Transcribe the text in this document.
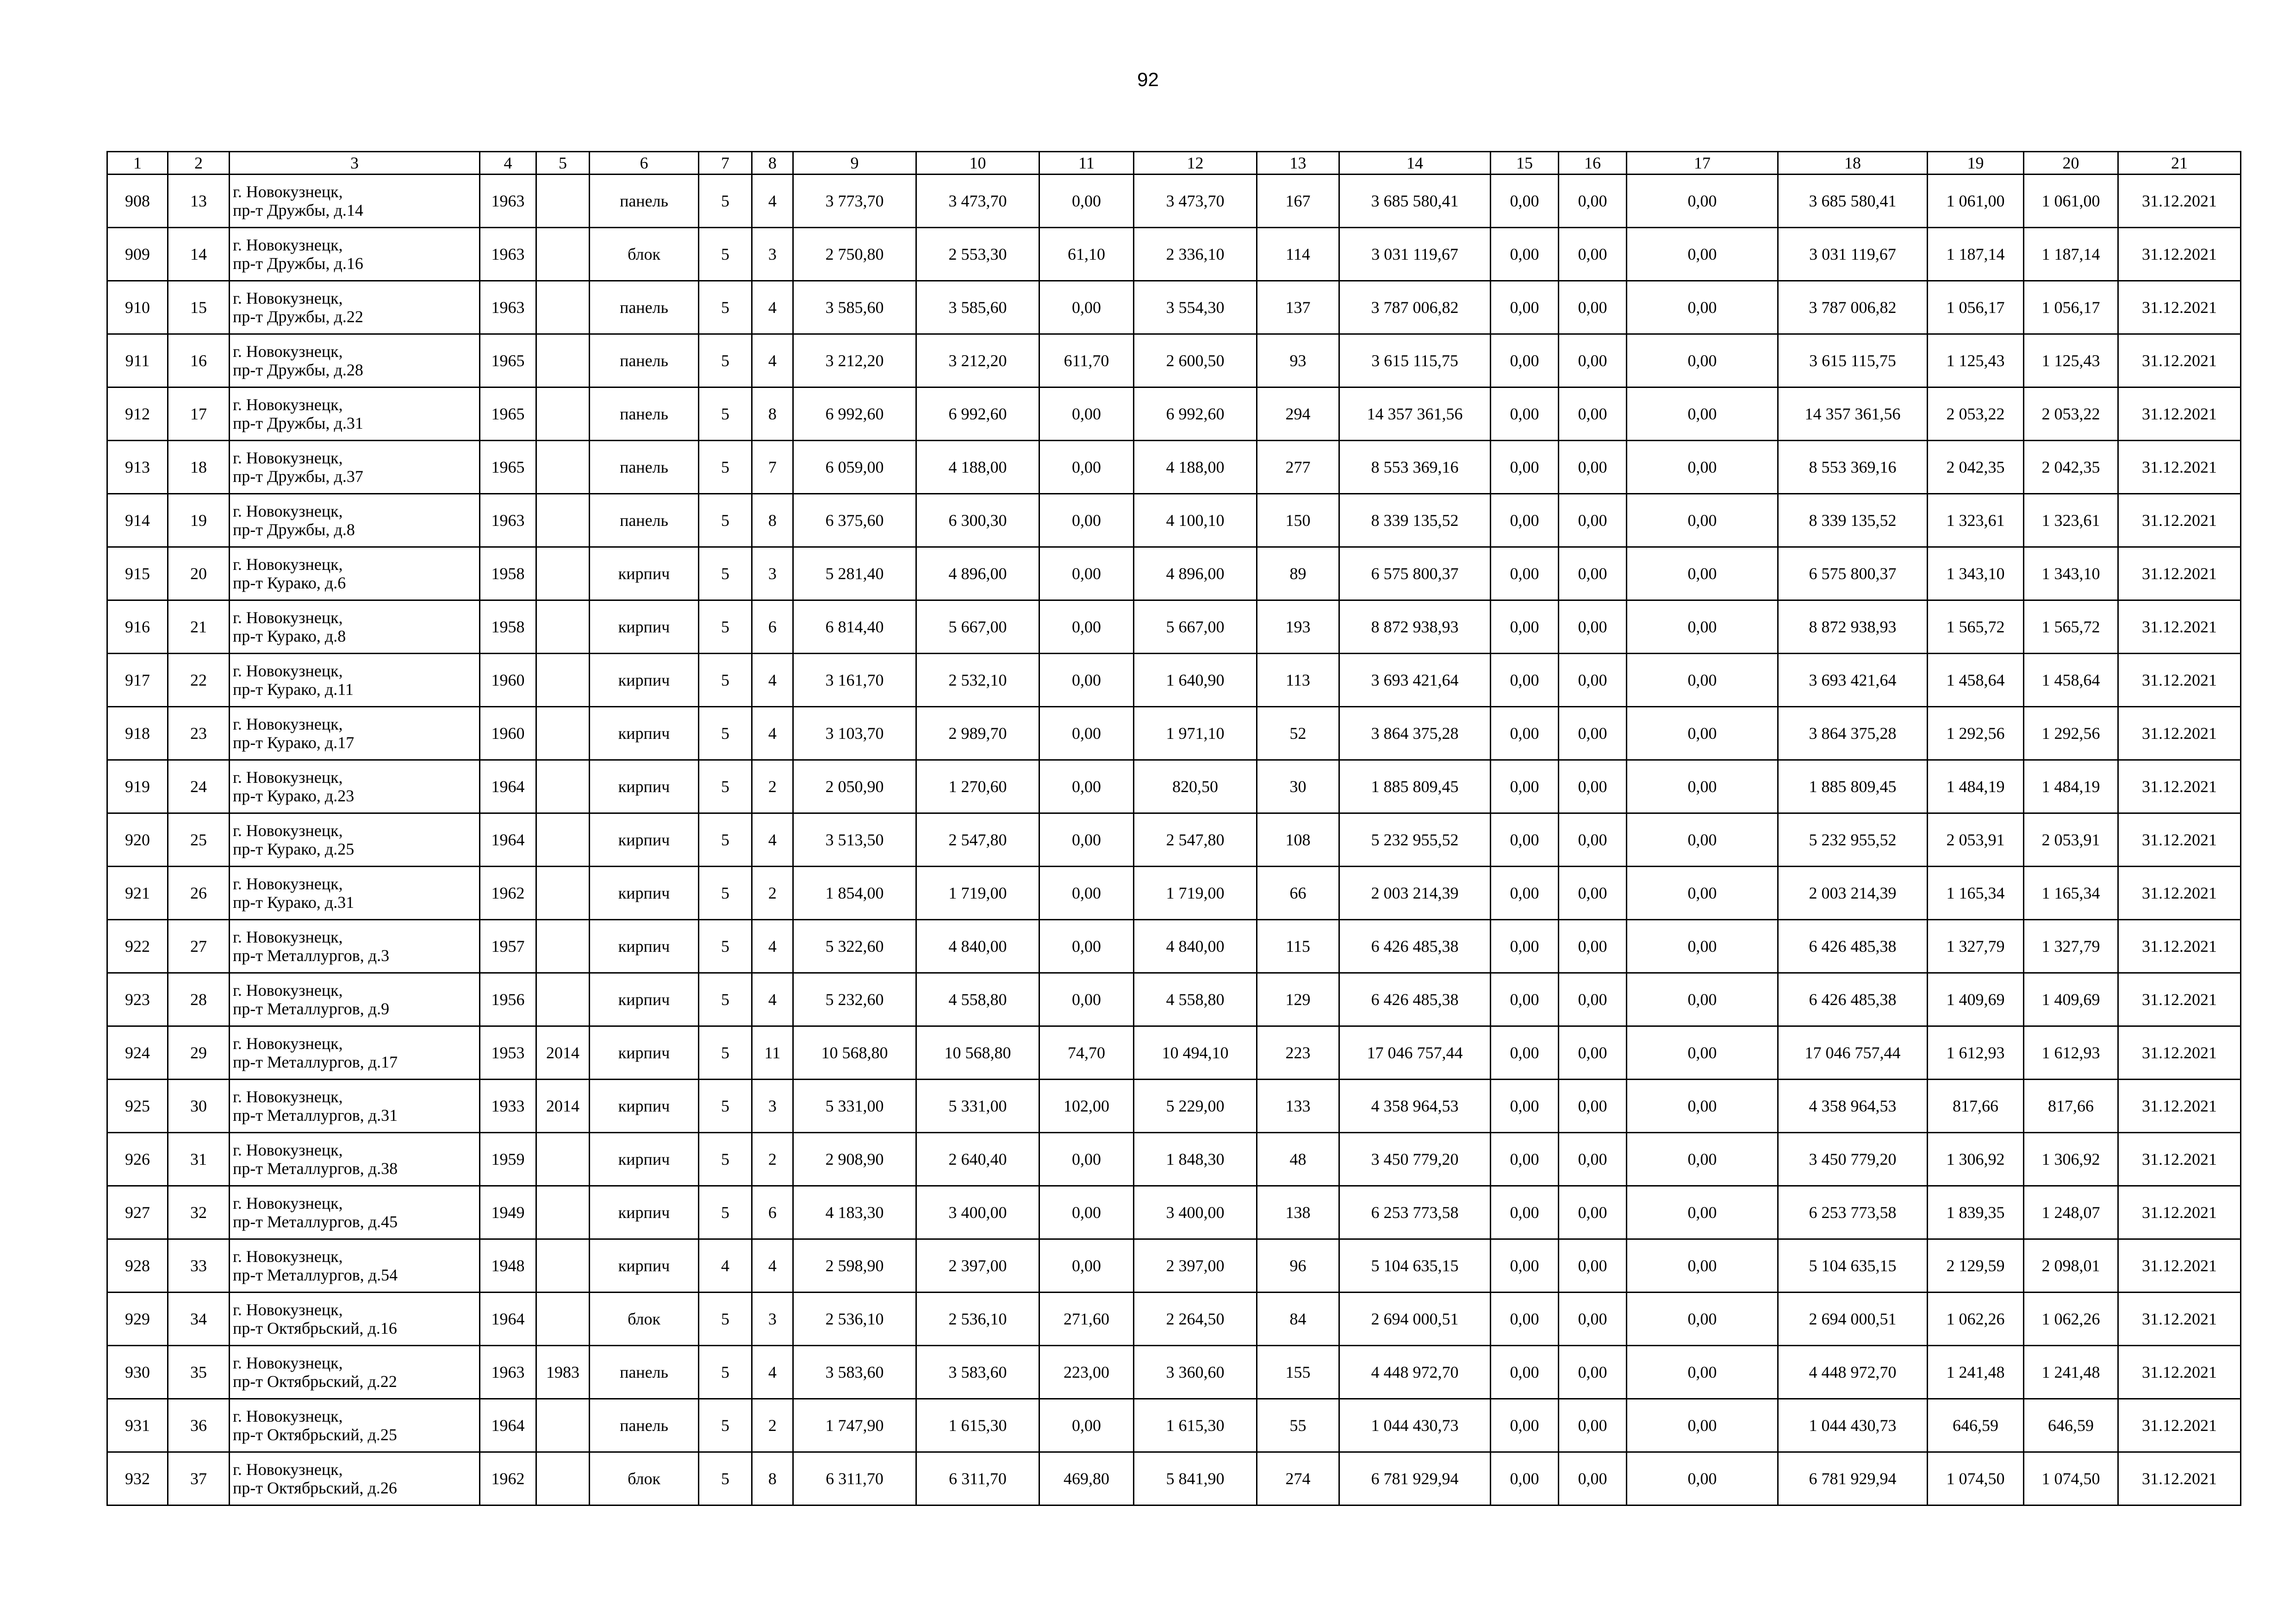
92
1	2	3	4	5	6	7	8	9	10	11	12	13	14	15	16	17	18	19	20	21
908	13	г. Новокузнецк,
пр-т Дружбы, д.14	1963		панель	5	4	3 773,70	3 473,70	0,00	3 473,70	167	3 685 580,41	0,00	0,00	0,00	3 685 580,41	1 061,00	1 061,00	31.12.2021
909	14	г. Новокузнецк,
пр-т Дружбы, д.16	1963		блок	5	3	2 750,80	2 553,30	61,10	2 336,10	114	3 031 119,67	0,00	0,00	0,00	3 031 119,67	1 187,14	1 187,14	31.12.2021
910	15	г. Новокузнецк,
пр-т Дружбы, д.22	1963		панель	5	4	3 585,60	3 585,60	0,00	3 554,30	137	3 787 006,82	0,00	0,00	0,00	3 787 006,82	1 056,17	1 056,17	31.12.2021
911	16	г. Новокузнецк,
пр-т Дружбы, д.28	1965		панель	5	4	3 212,20	3 212,20	611,70	2 600,50	93	3 615 115,75	0,00	0,00	0,00	3 615 115,75	1 125,43	1 125,43	31.12.2021
912	17	г. Новокузнецк,
пр-т Дружбы, д.31	1965		панель	5	8	6 992,60	6 992,60	0,00	6 992,60	294	14 357 361,56	0,00	0,00	0,00	14 357 361,56	2 053,22	2 053,22	31.12.2021
913	18	г. Новокузнецк,
пр-т Дружбы, д.37	1965		панель	5	7	6 059,00	4 188,00	0,00	4 188,00	277	8 553 369,16	0,00	0,00	0,00	8 553 369,16	2 042,35	2 042,35	31.12.2021
914	19	г. Новокузнецк,
пр-т Дружбы, д.8	1963		панель	5	8	6 375,60	6 300,30	0,00	4 100,10	150	8 339 135,52	0,00	0,00	0,00	8 339 135,52	1 323,61	1 323,61	31.12.2021
915	20	г. Новокузнецк,
пр-т Курако, д.6	1958		кирпич	5	3	5 281,40	4 896,00	0,00	4 896,00	89	6 575 800,37	0,00	0,00	0,00	6 575 800,37	1 343,10	1 343,10	31.12.2021
916	21	г. Новокузнецк,
пр-т Курако, д.8	1958		кирпич	5	6	6 814,40	5 667,00	0,00	5 667,00	193	8 872 938,93	0,00	0,00	0,00	8 872 938,93	1 565,72	1 565,72	31.12.2021
917	22	г. Новокузнецк,
пр-т Курако, д.11	1960		кирпич	5	4	3 161,70	2 532,10	0,00	1 640,90	113	3 693 421,64	0,00	0,00	0,00	3 693 421,64	1 458,64	1 458,64	31.12.2021
918	23	г. Новокузнецк,
пр-т Курако, д.17	1960		кирпич	5	4	3 103,70	2 989,70	0,00	1 971,10	52	3 864 375,28	0,00	0,00	0,00	3 864 375,28	1 292,56	1 292,56	31.12.2021
919	24	г. Новокузнецк,
пр-т Курако, д.23	1964		кирпич	5	2	2 050,90	1 270,60	0,00	820,50	30	1 885 809,45	0,00	0,00	0,00	1 885 809,45	1 484,19	1 484,19	31.12.2021
920	25	г. Новокузнецк,
пр-т Курако, д.25	1964		кирпич	5	4	3 513,50	2 547,80	0,00	2 547,80	108	5 232 955,52	0,00	0,00	0,00	5 232 955,52	2 053,91	2 053,91	31.12.2021
921	26	г. Новокузнецк,
пр-т Курако, д.31	1962		кирпич	5	2	1 854,00	1 719,00	0,00	1 719,00	66	2 003 214,39	0,00	0,00	0,00	2 003 214,39	1 165,34	1 165,34	31.12.2021
922	27	г. Новокузнецк,
пр-т Металлургов, д.3	1957		кирпич	5	4	5 322,60	4 840,00	0,00	4 840,00	115	6 426 485,38	0,00	0,00	0,00	6 426 485,38	1 327,79	1 327,79	31.12.2021
923	28	г. Новокузнецк,
пр-т Металлургов, д.9	1956		кирпич	5	4	5 232,60	4 558,80	0,00	4 558,80	129	6 426 485,38	0,00	0,00	0,00	6 426 485,38	1 409,69	1 409,69	31.12.2021
924	29	г. Новокузнецк,
пр-т Металлургов, д.17	1953	2014	кирпич	5	11	10 568,80	10 568,80	74,70	10 494,10	223	17 046 757,44	0,00	0,00	0,00	17 046 757,44	1 612,93	1 612,93	31.12.2021
925	30	г. Новокузнецк,
пр-т Металлургов, д.31	1933	2014	кирпич	5	3	5 331,00	5 331,00	102,00	5 229,00	133	4 358 964,53	0,00	0,00	0,00	4 358 964,53	817,66	817,66	31.12.2021
926	31	г. Новокузнецк,
пр-т Металлургов, д.38	1959		кирпич	5	2	2 908,90	2 640,40	0,00	1 848,30	48	3 450 779,20	0,00	0,00	0,00	3 450 779,20	1 306,92	1 306,92	31.12.2021
927	32	г. Новокузнецк,
пр-т Металлургов, д.45	1949		кирпич	5	6	4 183,30	3 400,00	0,00	3 400,00	138	6 253 773,58	0,00	0,00	0,00	6 253 773,58	1 839,35	1 248,07	31.12.2021
928	33	г. Новокузнецк,
пр-т Металлургов, д.54	1948		кирпич	4	4	2 598,90	2 397,00	0,00	2 397,00	96	5 104 635,15	0,00	0,00	0,00	5 104 635,15	2 129,59	2 098,01	31.12.2021
929	34	г. Новокузнецк,
пр-т Октябрьский, д.16	1964		блок	5	3	2 536,10	2 536,10	271,60	2 264,50	84	2 694 000,51	0,00	0,00	0,00	2 694 000,51	1 062,26	1 062,26	31.12.2021
930	35	г. Новокузнецк,
пр-т Октябрьский, д.22	1963	1983	панель	5	4	3 583,60	3 583,60	223,00	3 360,60	155	4 448 972,70	0,00	0,00	0,00	4 448 972,70	1 241,48	1 241,48	31.12.2021
931	36	г. Новокузнецк,
пр-т Октябрьский, д.25	1964		панель	5	2	1 747,90	1 615,30	0,00	1 615,30	55	1 044 430,73	0,00	0,00	0,00	1 044 430,73	646,59	646,59	31.12.2021
932	37	г. Новокузнецк,
пр-т Октябрьский, д.26	1962		блок	5	8	6 311,70	6 311,70	469,80	5 841,90	274	6 781 929,94	0,00	0,00	0,00	6 781 929,94	1 074,50	1 074,50	31.12.2021
